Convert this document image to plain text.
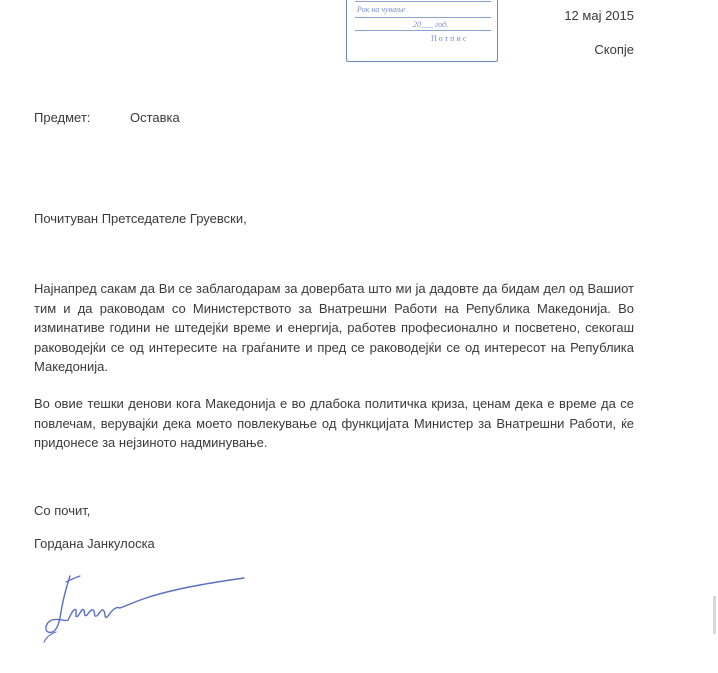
Рок на чување
20___ год.
П о т п и с
12 мај 2015
Скопје
Предмет:	Оставка
Почитуван Претседателе Груевски,
Најнапред сакам да Ви се заблагодарам за довербата што ми ја дадовте да бидам дел од Вашиот тим и да раководам со Министерството за Внатрешни Работи на Република Македонија. Во изминативе години не штедејќи време и енергија, работев професионално и посветено, секогаш раководејќи се од интересите на граѓаните и пред се раководејќи се од интересот на Република Македонија.
Во овие тешки денови кога Македонија е во длабока политичка криза, ценам дека е време да се повлечам, верувајќи дека моето повлекување од функцијата Министер за Внатрешни Работи, ќе придонесе за нејзиното надминување.
Со почит,
Гордана Јанкулоска
